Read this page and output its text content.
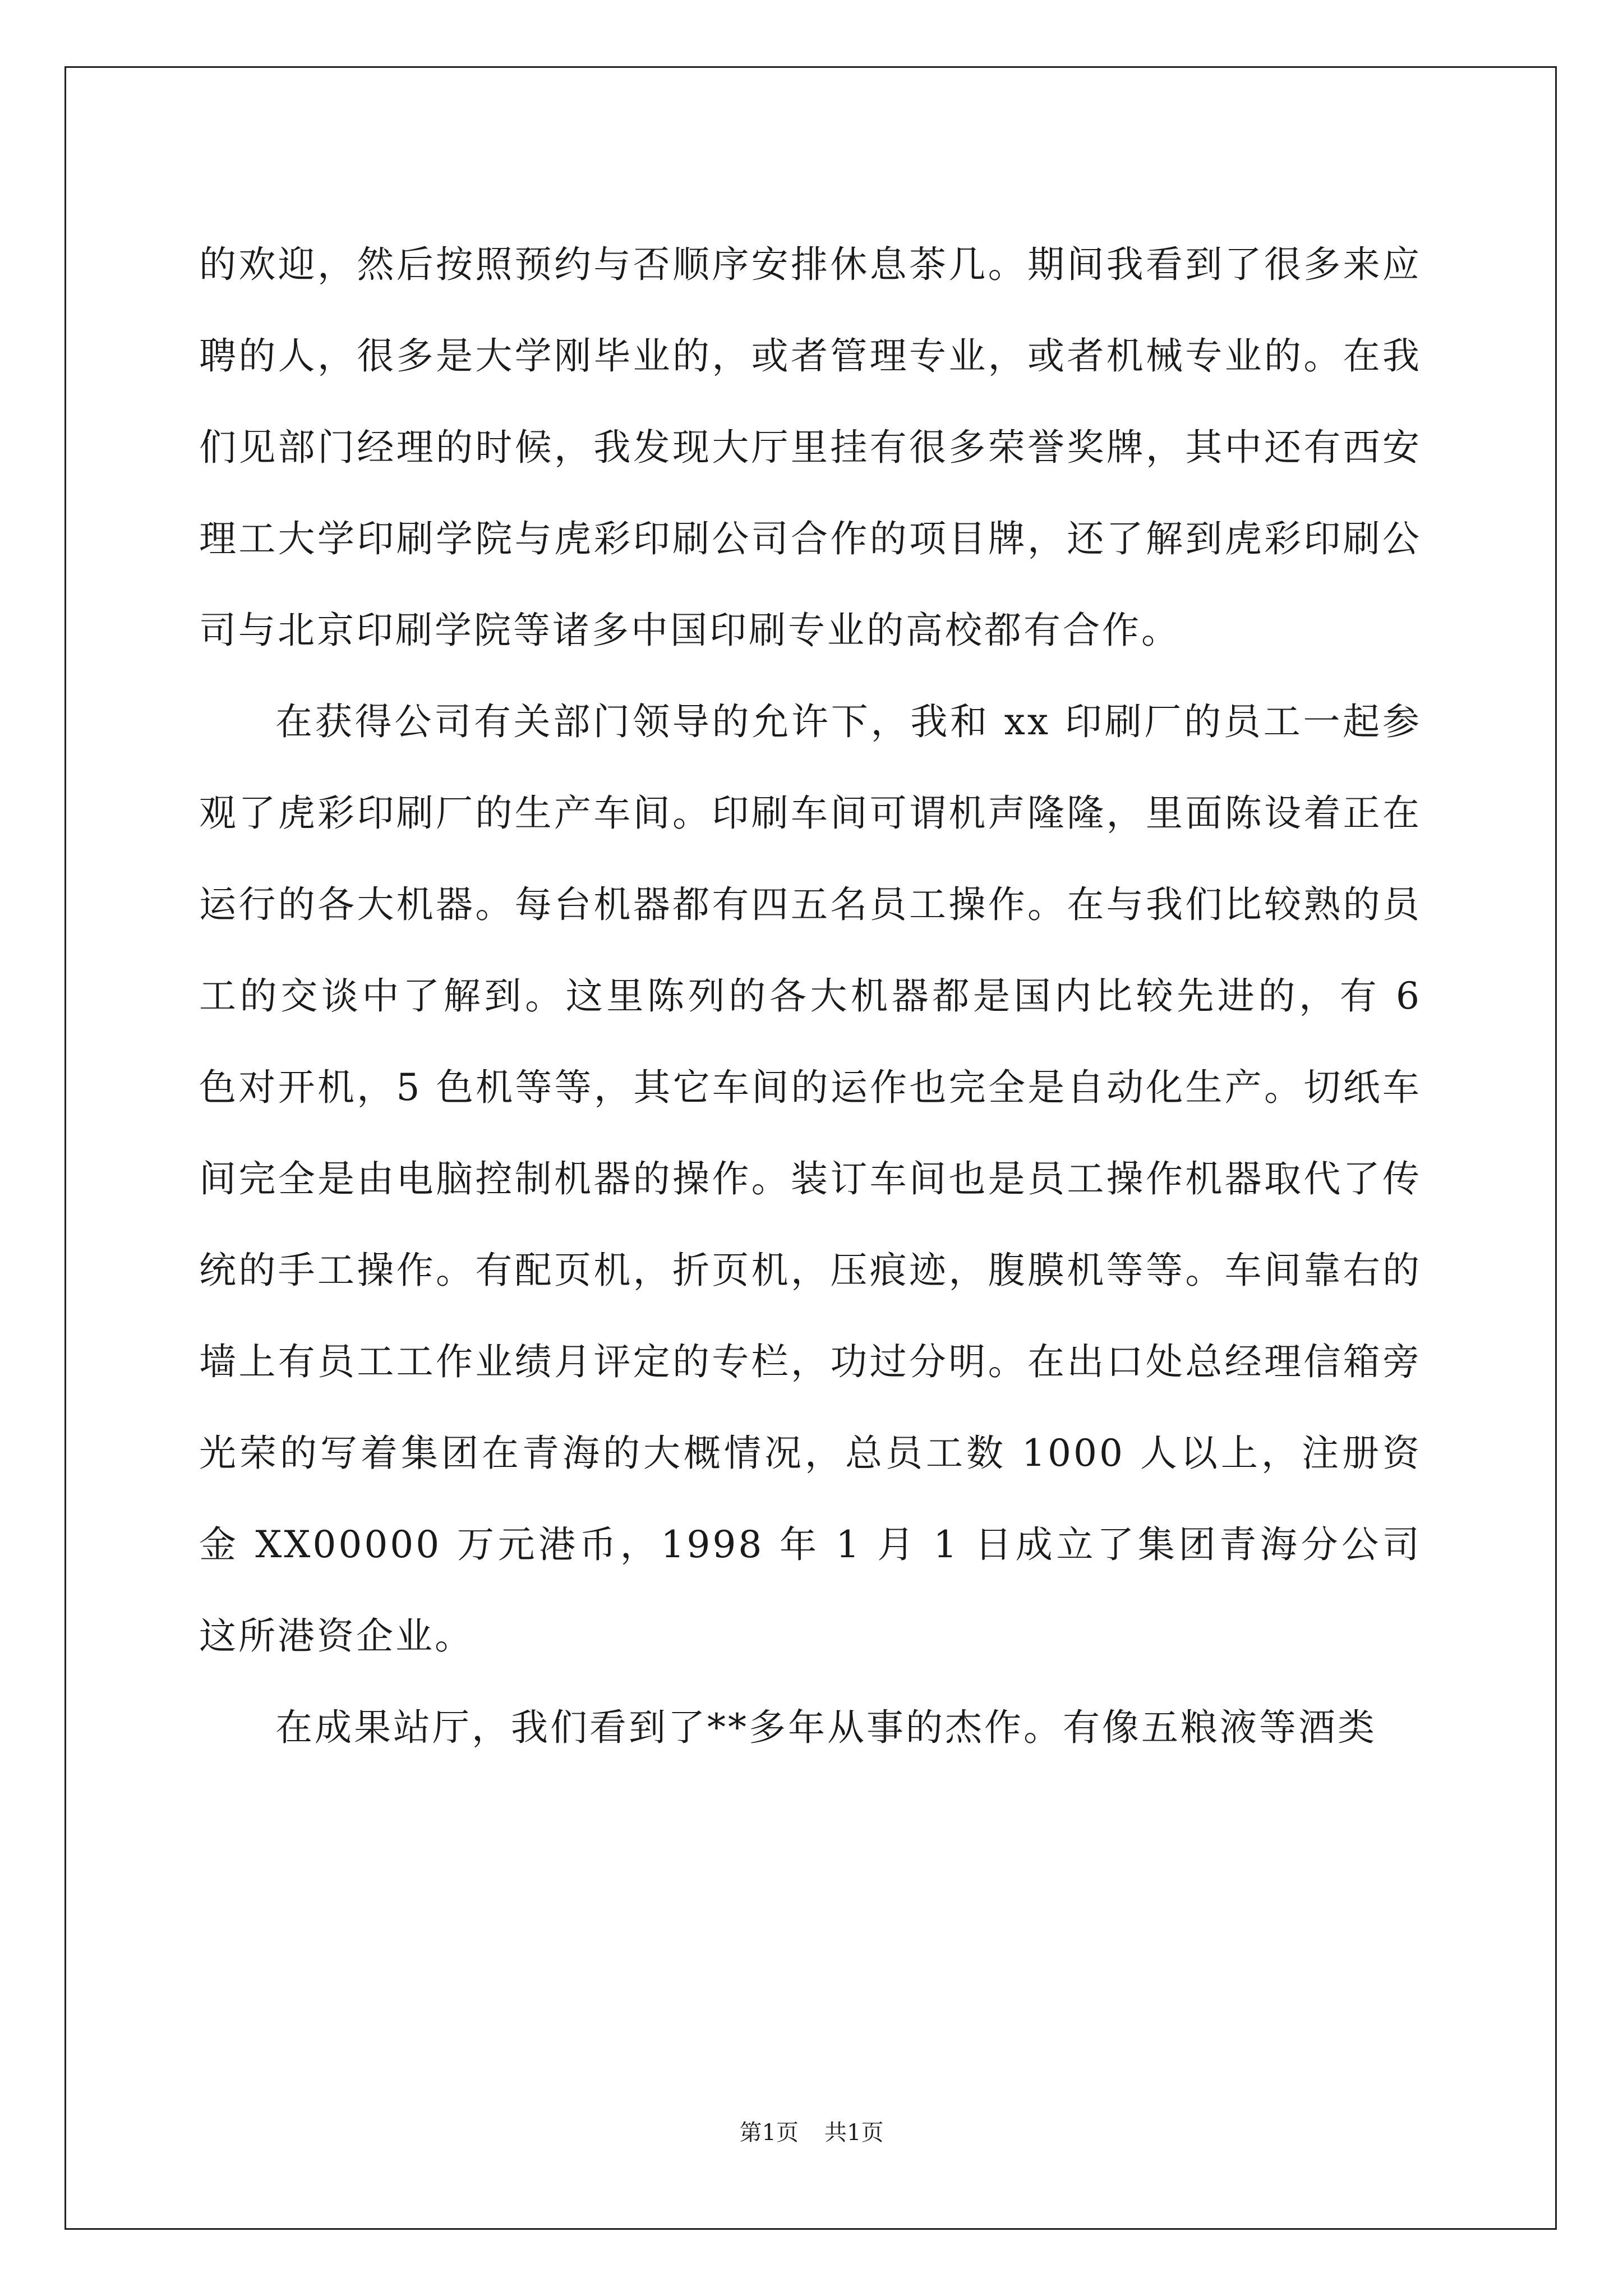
的欢迎，然后按照预约与否顺序安排休息茶几。期间我看到了很多来应聘的人，很多是大学刚毕业的，或者管理专业，或者机械专业的。在我们见部门经理的时候，我发现大厅里挂有很多荣誉奖牌，其中还有西安理工大学印刷学院与虎彩印刷公司合作的项目牌，还了解到虎彩印刷公司与北京印刷学院等诸多中国印刷专业的高校都有合作。

在获得公司有关部门领导的允许下，我和 xx 印刷厂的员工一起参观了虎彩印刷厂的生产车间。印刷车间可谓机声隆隆，里面陈设着正在运行的各大机器。每台机器都有四五名员工操作。在与我们比较熟的员工的交谈中了解到。这里陈列的各大机器都是国内比较先进的，有 6 色对开机，5 色机等等，其它车间的运作也完全是自动化生产。切纸车间完全是由电脑控制机器的操作。装订车间也是员工操作机器取代了传统的手工操作。有配页机，折页机，压痕迹，腹膜机等等。车间靠右的墙上有员工工作业绩月评定的专栏，功过分明。在出口处总经理信箱旁光荣的写着集团在青海的大概情况，总员工数 1000 人以上，注册资金 XX00000 万元港币，1998 年 1 月 1 日成立了集团青海分公司这所港资企业。

在成果站厅，我们看到了**多年从事的杰作。有像五粮液等酒类

第1页 共1页
